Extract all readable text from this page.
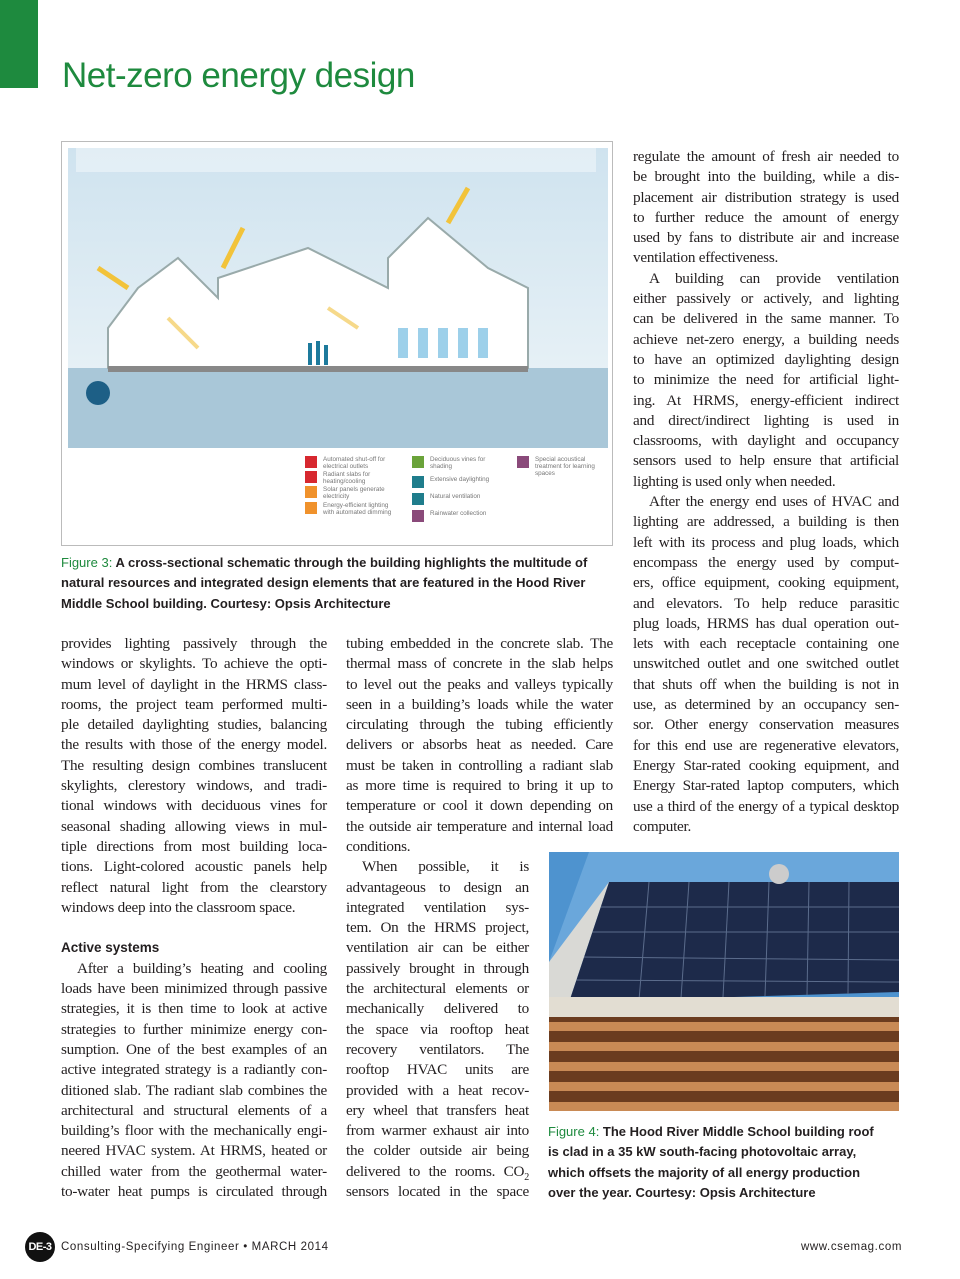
Net-zero energy design
Automated shut-off for electrical outlets
Radiant slabs for heating/cooling
Solar panels generate electricity
Energy-efficient lighting with automated dimming
Deciduous vines for shading
Extensive daylighting
Natural ventilation
Rainwater collection
Special acoustical treatment for learning spaces
Figure 3: A cross-sectional schematic through the building highlights the multitude of
natural resources and integrated design elements that are featured in the Hood River
Middle School building. Courtesy: Opsis Architecture
provides lighting passively through the
windows or skylights. To achieve the opti-
mum level of daylight in the HRMS class-
rooms, the project team performed multi-
ple detailed daylighting studies, balancing
the results with those of the energy model.
The resulting design combines translucent
skylights, clerestory windows, and tradi-
tional windows with deciduous vines for
seasonal shading allowing views in mul-
tiple directions from most building loca-
tions. Light-colored acoustic panels help
reflect natural light from the clearstory
windows deep into the classroom space.
Active systems
After a building’s heating and cooling
loads have been minimized through passive
strategies, it is then time to look at active
strategies to further minimize energy con-
sumption. One of the best examples of an
active integrated strategy is a radiantly con-
ditioned slab. The radiant slab combines the
architectural and structural elements of a
building’s floor with the mechanically engi-
neered HVAC system. At HRMS, heated or
chilled water from the geothermal water-
to-water heat pumps is circulated through
tubing embedded in the concrete slab. The
thermal mass of concrete in the slab helps
to level out the peaks and valleys typically
seen in a building’s loads while the water
circulating through the tubing efficiently
delivers or absorbs heat as needed. Care
must be taken in controlling a radiant slab
as more time is required to bring it up to
temperature or cool it down depending on
the outside air temperature and internal load
conditions.
When possible, it is
advantageous to design an
integrated ventilation sys-
tem. On the HRMS project,
ventilation air can be either
passively brought in through
the architectural elements or
mechanically delivered to
the space via rooftop heat
recovery ventilators. The
rooftop HVAC units are
provided with a heat recov-
ery wheel that transfers heat
from warmer exhaust air into
the colder outside air being
delivered to the rooms. $CO_2$
sensors located in the space
regulate the amount of fresh air needed to
be brought into the building, while a dis-
placement air distribution strategy is used
to further reduce the amount of energy
used by fans to distribute air and increase
ventilation effectiveness.
A building can provide ventilation
either passively or actively, and lighting
can be delivered in the same manner. To
achieve net-zero energy, a building needs
to have an optimized daylighting design
to minimize the need for artificial light-
ing. At HRMS, energy-efficient indirect
and direct/indirect lighting is used in
classrooms, with daylight and occupancy
sensors used to help ensure that artificial
lighting is used only when needed.
After the energy end uses of HVAC and
lighting are addressed, a building is then
left with its process and plug loads, which
encompass the energy used by comput-
ers, office equipment, cooking equipment,
and elevators. To help reduce parasitic
plug loads, HRMS has dual operation out-
lets with each receptacle containing one
unswitched outlet and one switched outlet
that shuts off when the building is not in
use, as determined by an occupancy sen-
sor. Other energy conservation measures
for this end use are regenerative elevators,
Energy Star-rated cooking equipment, and
Energy Star-rated laptop computers, which
use a third of the energy of a typical desktop
computer.
Figure 4: The Hood River Middle School building roof
is clad in a 35 kW south-facing photovoltaic array,
which offsets the majority of all energy production
over the year. Courtesy: Opsis Architecture
DE-3 Consulting-Specifying Engineer • MARCH 2014	www.csemag.com
